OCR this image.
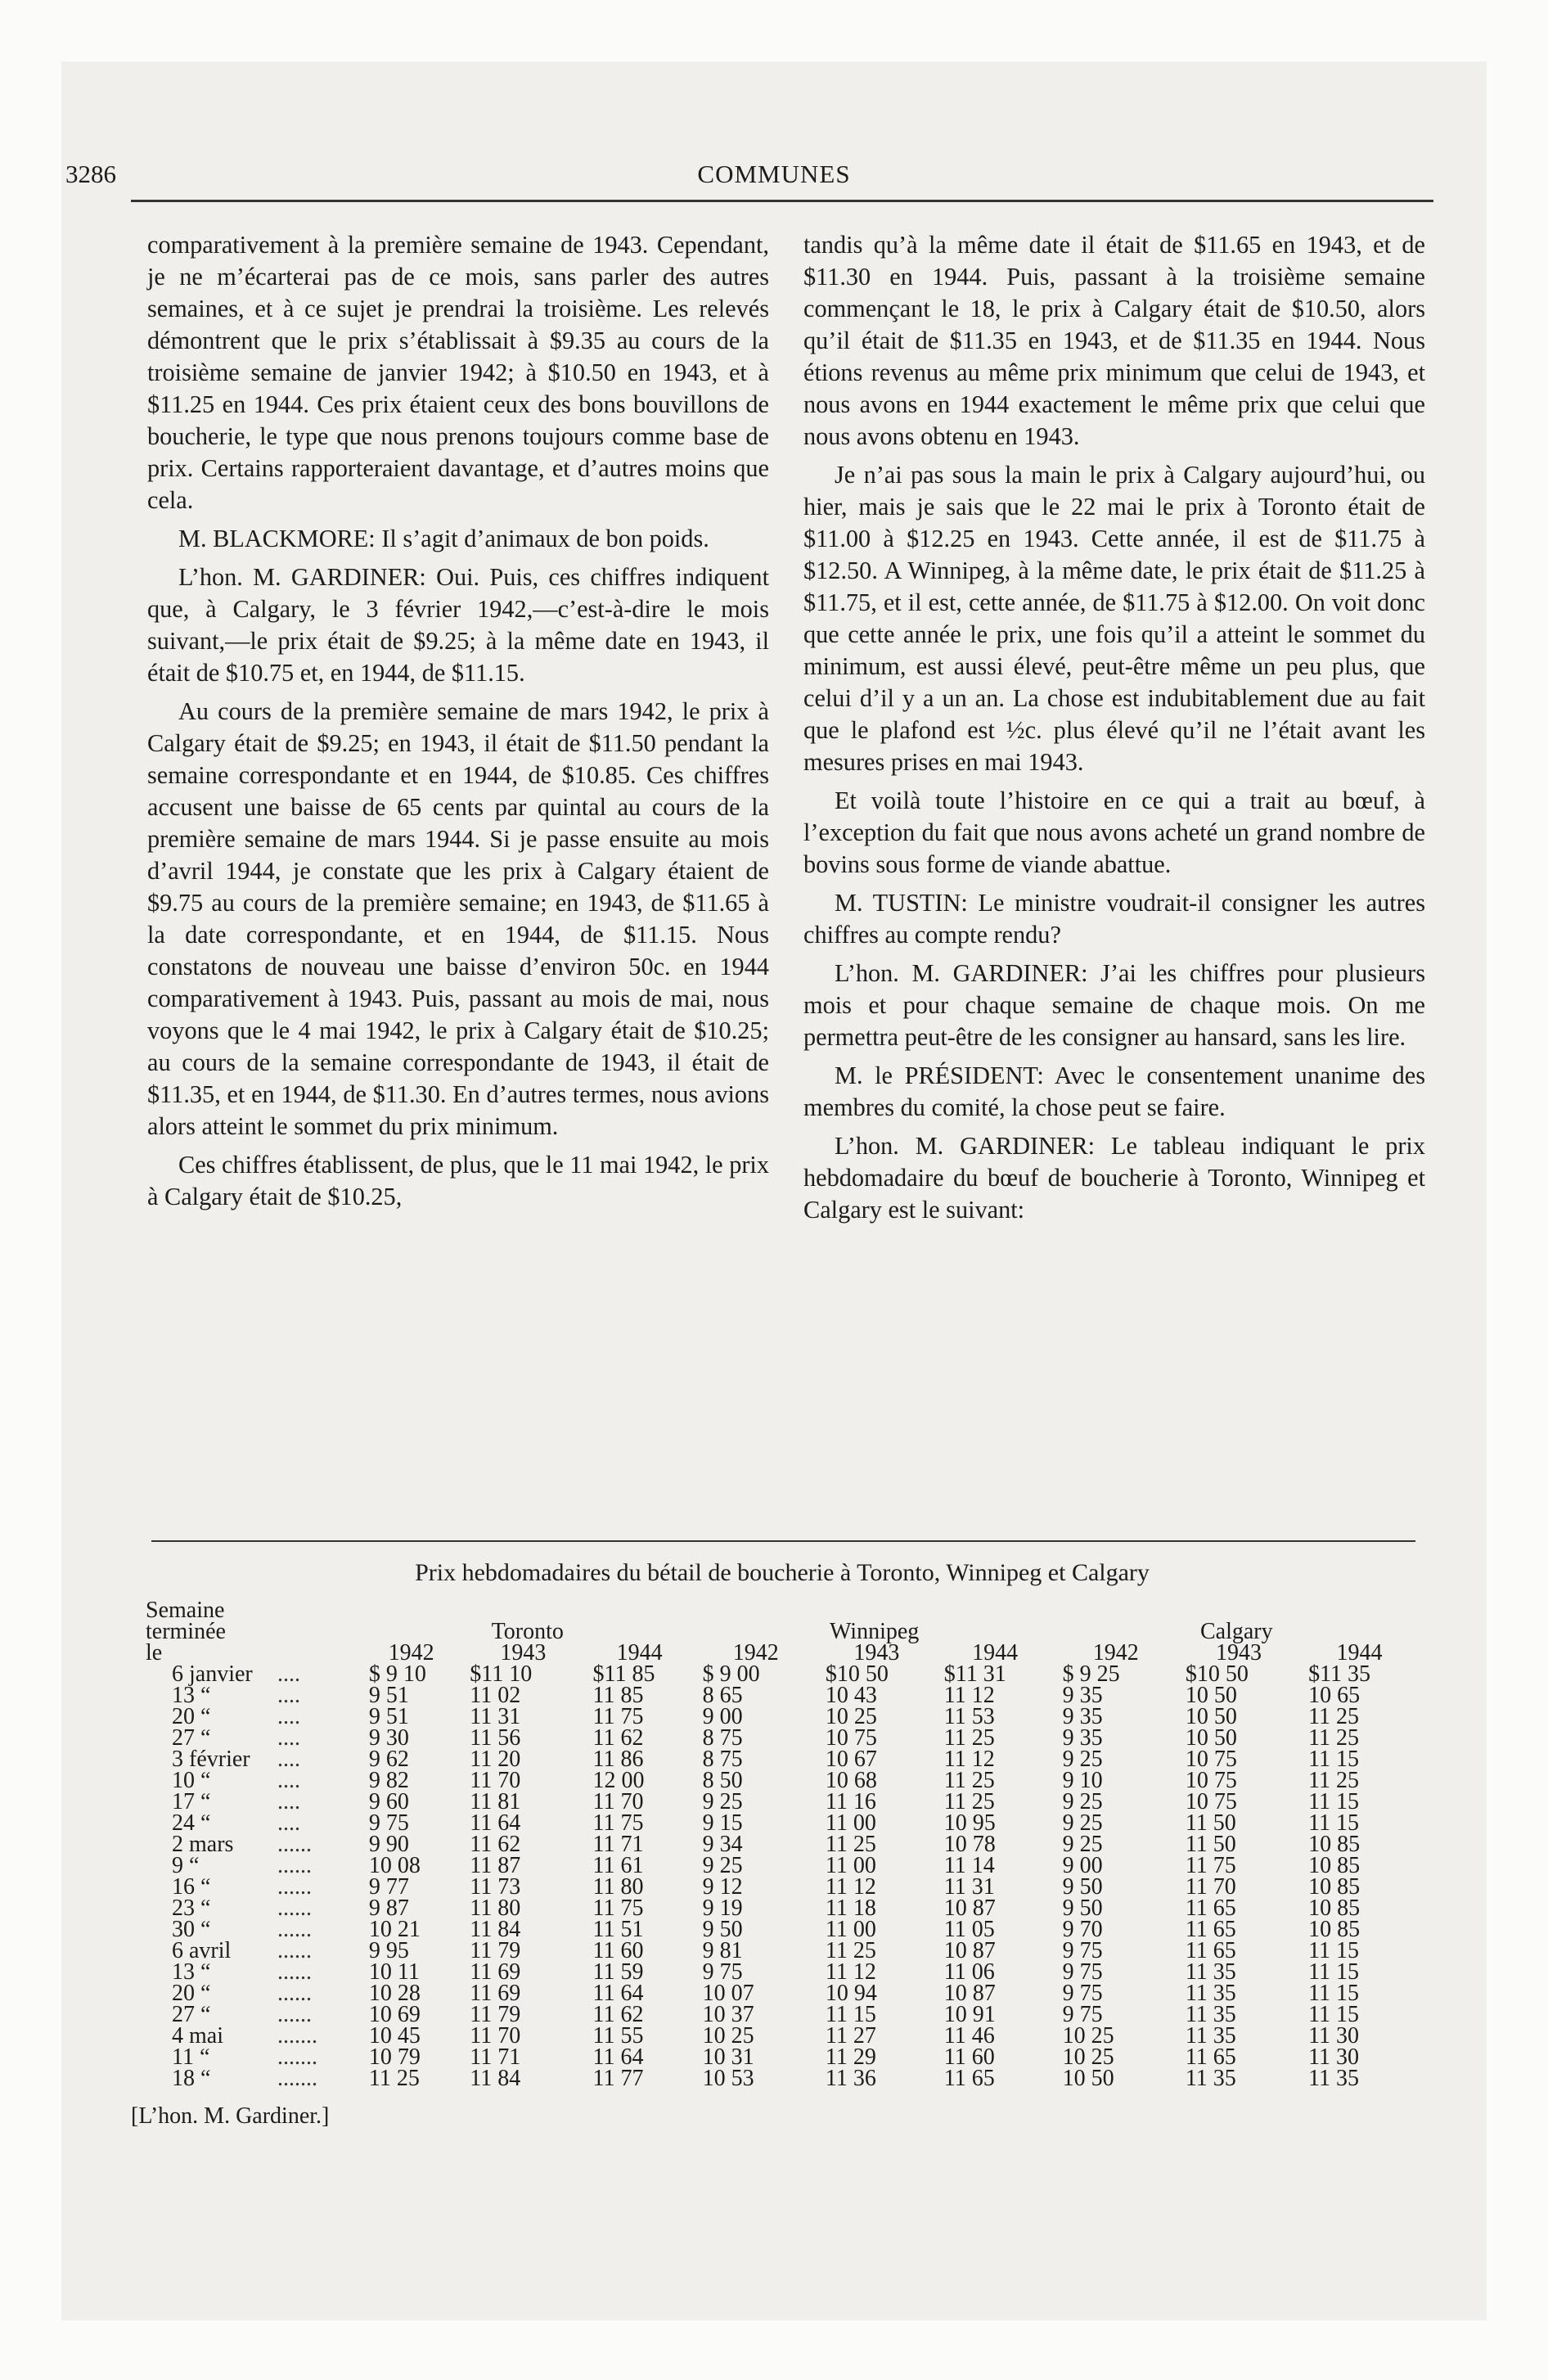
3286	COMMUNES

comparativement à la première semaine de 1943. Cependant, je ne m’écarterai pas de ce mois, sans parler des autres semaines, et à ce sujet je prendrai la troisième. Les relevés démontrent que le prix s’établissait à $9.35 au cours de la troisième semaine de janvier 1942; à $10.50 en 1943, et à $11.25 en 1944. Ces prix étaient ceux des bons bouvillons de boucherie, le type que nous prenons toujours comme base de prix. Certains rapporteraient davantage, et d’autres moins que cela.

M. BLACKMORE: Il s’agit d’animaux de bon poids.

L’hon. M. GARDINER: Oui. Puis, ces chiffres indiquent que, à Calgary, le 3 février 1942,—c’est-à-dire le mois suivant,—le prix était de $9.25; à la même date en 1943, il était de $10.75 et, en 1944, de $11.15.

Au cours de la première semaine de mars 1942, le prix à Calgary était de $9.25; en 1943, il était de $11.50 pendant la semaine correspondante et en 1944, de $10.85. Ces chiffres accusent une baisse de 65 cents par quintal au cours de la première semaine de mars 1944. Si je passe ensuite au mois d’avril 1944, je constate que les prix à Calgary étaient de $9.75 au cours de la première semaine; en 1943, de $11.65 à la date correspondante, et en 1944, de $11.15. Nous constatons de nouveau une baisse d’environ 50c. en 1944 comparativement à 1943. Puis, passant au mois de mai, nous voyons que le 4 mai 1942, le prix à Calgary était de $10.25; au cours de la semaine correspondante de 1943, il était de $11.35, et en 1944, de $11.30. En d’autres termes, nous avions alors atteint le sommet du prix minimum.

Ces chiffres établissent, de plus, que le 11 mai 1942, le prix à Calgary était de $10.25,

tandis qu’à la même date il était de $11.65 en 1943, et de $11.30 en 1944. Puis, passant à la troisième semaine commençant le 18, le prix à Calgary était de $10.50, alors qu’il était de $11.35 en 1943, et de $11.35 en 1944. Nous étions revenus au même prix minimum que celui de 1943, et nous avons en 1944 exactement le même prix que celui que nous avons obtenu en 1943.

Je n’ai pas sous la main le prix à Calgary aujourd’hui, ou hier, mais je sais que le 22 mai le prix à Toronto était de $11.00 à $12.25 en 1943. Cette année, il est de $11.75 à $12.50. A Winnipeg, à la même date, le prix était de $11.25 à $11.75, et il est, cette année, de $11.75 à $12.00. On voit donc que cette année le prix, une fois qu’il a atteint le sommet du minimum, est aussi élevé, peut-être même un peu plus, que celui d’il y a un an. La chose est indubitablement due au fait que le plafond est ½c. plus élevé qu’il ne l’était avant les mesures prises en mai 1943.

Et voilà toute l’histoire en ce qui a trait au bœuf, à l’exception du fait que nous avons acheté un grand nombre de bovins sous forme de viande abattue.

M. TUSTIN: Le ministre voudrait-il consigner les autres chiffres au compte rendu?

L’hon. M. GARDINER: J’ai les chiffres pour plusieurs mois et pour chaque semaine de chaque mois. On me permettra peut-être de les consigner au hansard, sans les lire.

M. le PRÉSIDENT: Avec le consentement unanime des membres du comité, la chose peut se faire.

L’hon. M. GARDINER: Le tableau indiquant le prix hebdomadaire du bœuf de boucherie à Toronto, Winnipeg et Calgary est le suivant:

Prix hebdomadaires du bétail de boucherie à Toronto, Winnipeg et Calgary
Semaine										
terminée		Toronto			Winnipeg			Calgary		
le		1942	1943	1944	1942	1943	1944	1942	1943	1944
6 janvier	....	$ 9 10	$11 10	$11 85	$ 9 00	$10 50	$11 31	$ 9 25	$10 50	$11 35
13 “	....	9 51	11 02	11 85	8 65	10 43	11 12	9 35	10 50	10 65
20 “	....	9 51	11 31	11 75	9 00	10 25	11 53	9 35	10 50	11 25
27 “	....	9 30	11 56	11 62	8 75	10 75	11 25	9 35	10 50	11 25
3 février	....	9 62	11 20	11 86	8 75	10 67	11 12	9 25	10 75	11 15
10 “	....	9 82	11 70	12 00	8 50	10 68	11 25	9 10	10 75	11 25
17 “	....	9 60	11 81	11 70	9 25	11 16	11 25	9 25	10 75	11 15
24 “	....	9 75	11 64	11 75	9 15	11 00	10 95	9 25	11 50	11 15
2 mars	......	9 90	11 62	11 71	9 34	11 25	10 78	9 25	11 50	10 85
9 “	......	10 08	11 87	11 61	9 25	11 00	11 14	9 00	11 75	10 85
16 “	......	9 77	11 73	11 80	9 12	11 12	11 31	9 50	11 70	10 85
23 “	......	9 87	11 80	11 75	9 19	11 18	10 87	9 50	11 65	10 85
30 “	......	10 21	11 84	11 51	9 50	11 00	11 05	9 70	11 65	10 85
6 avril	......	9 95	11 79	11 60	9 81	11 25	10 87	9 75	11 65	11 15
13 “	......	10 11	11 69	11 59	9 75	11 12	11 06	9 75	11 35	11 15
20 “	......	10 28	11 69	11 64	10 07	10 94	10 87	9 75	11 35	11 15
27 “	......	10 69	11 79	11 62	10 37	11 15	10 91	9 75	11 35	11 15
4 mai	.......	10 45	11 70	11 55	10 25	11 27	11 46	10 25	11 35	11 30
11 “	.......	10 79	11 71	11 64	10 31	11 29	11 60	10 25	11 65	11 30
18 “	.......	11 25	11 84	11 77	10 53	11 36	11 65	10 50	11 35	11 35
[L’hon. M. Gardiner.]
